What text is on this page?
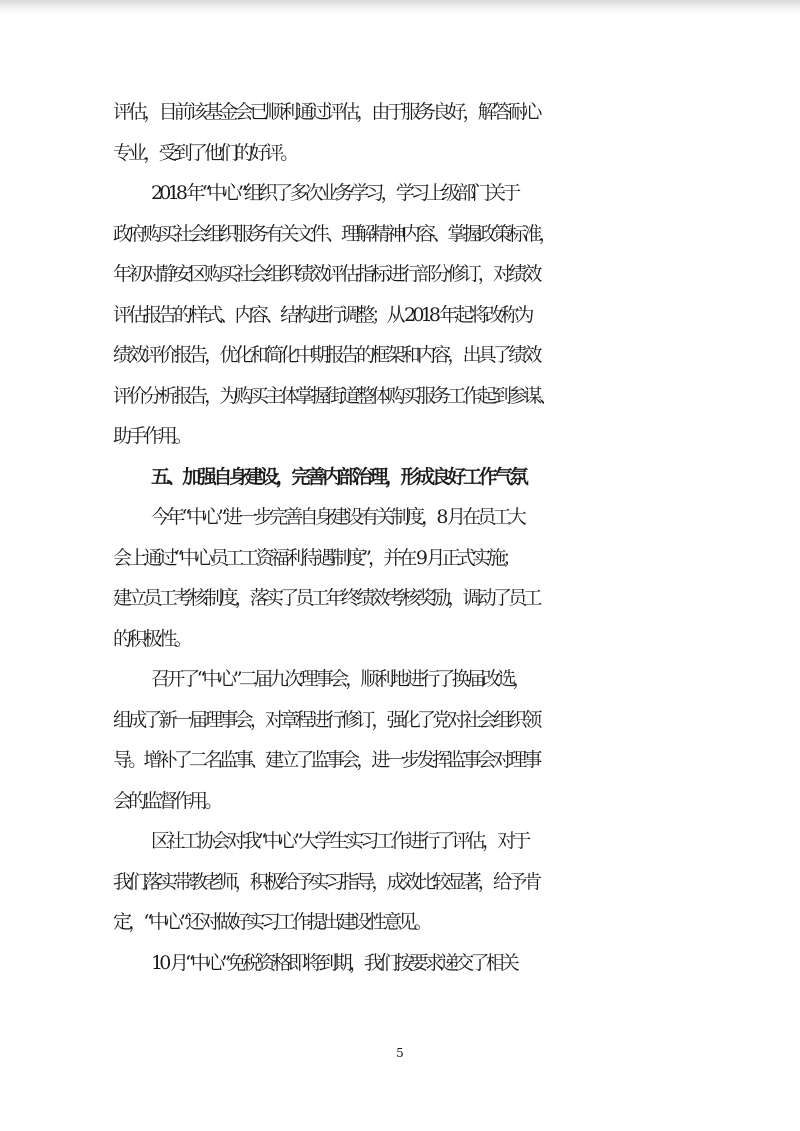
评估，目前该基金会已顺利通过评估，由于服务良好，解答耐心
专业，受到了他们的好评。
2018 年“中心”组织了多次业务学习，学习上级部门关于
政府购买社会组织服务有关文件、理解精神内容、掌握政策标准，
年初对静安区购买社会组织绩效评估指标进行部分修订，对绩效
评估报告的样式、内容、结构进行调整；从 2018 年起将改称为
绩效评价报告，优化和简化中期报告的框架和内容，出具了绩效
评价分析报告，为购买主体掌握街道整体购买服务工作起到参谋、
助手作用。
五、加强自身建设，完善内部治理，形成良好工作气氛
今年“中心”进一步完善自身建设有关制度，8 月在员工大
会上通过“中心员工工资福利待遇制度”，并在 9 月正式实施；
建立员工考核制度，落实了员工年终绩效考核奖励，调动了员工
的积极性。
召开了“中心”二届九次理事会，顺利地进行了换届改选，
组成了新一届理事会，对章程进行修订，强化了党对社会组织领
导。增补了二名监事、建立了监事会，进一步发挥监事会对理事
会的监督作用。
区社工协会对我“中心”大学生实习工作进行了评估，对于
我们落实带教老师，积极给予实习指导，成效比较显著，给予肯
定，“中心”还对做好实习工作提出建设性意见。
10 月“中心”免税资格即将到期，我们按要求递交了相关
5
